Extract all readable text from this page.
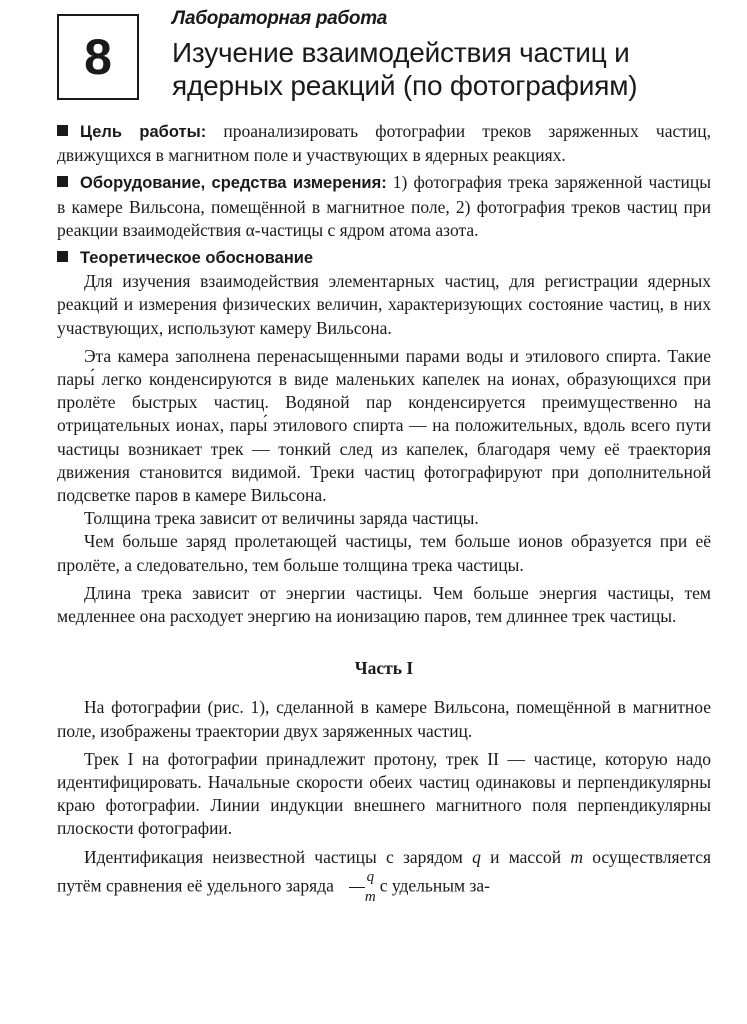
8
Лабораторная работа
Изучение взаимодействия частиц и ядерных реакций (по фотографиям)
Цель работы: проанализировать фотографии треков заряженных частиц, движущихся в магнитном поле и участвующих в ядерных реакциях.
Оборудование, средства измерения: 1) фотография трека заряженной частицы в камере Вильсона, помещённой в магнитное поле, 2) фотография треков частиц при реакции взаимодействия α-частицы с ядром атома азота.
Теоретическое обоснование

Для изучения взаимодействия элементарных частиц, для регистрации ядерных реакций и измерения физических величин, характеризующих состояние частиц, в них участвующих, используют камеру Вильсона.

Эта камера заполнена перенасыщенными парами воды и этилового спирта. Такие пары́ легко конденсируются в виде маленьких капелек на ионах, образующихся при пролёте быстрых частиц. Водяной пар конденсируется преимущественно на отрицательных ионах, пары́ этилового спирта — на положительных, вдоль всего пути частицы возникает трек — тонкий след из капелек, благодаря чему её траектория движения становится видимой. Треки частиц фотографируют при дополнительной подсветке паров в камере Вильсона.

Толщина трека зависит от величины заряда частицы.

Чем больше заряд пролетающей частицы, тем больше ионов образуется при её пролёте, а следовательно, тем больше толщина трека частицы.

Длина трека зависит от энергии частицы. Чем больше энергия частицы, тем медленнее она расходует энергию на ионизацию паров, тем длиннее трек частицы.

Часть I

На фотографии (рис. 1), сделанной в камере Вильсона, помещённой в магнитное поле, изображены траектории двух заряженных частиц.

Трек I на фотографии принадлежит протону, трек II — частице, которую надо идентифицировать. Начальные скорости обеих частиц одинаковы и перпендикулярны краю фотографии. Линии индукции внешнего магнитного поля перпендикулярны плоскости фотографии.

Идентификация неизвестной частицы с зарядом q и массой m осуществляется путём сравнения её удельного заряда $\frac{q}{m}$ с удельным за-
